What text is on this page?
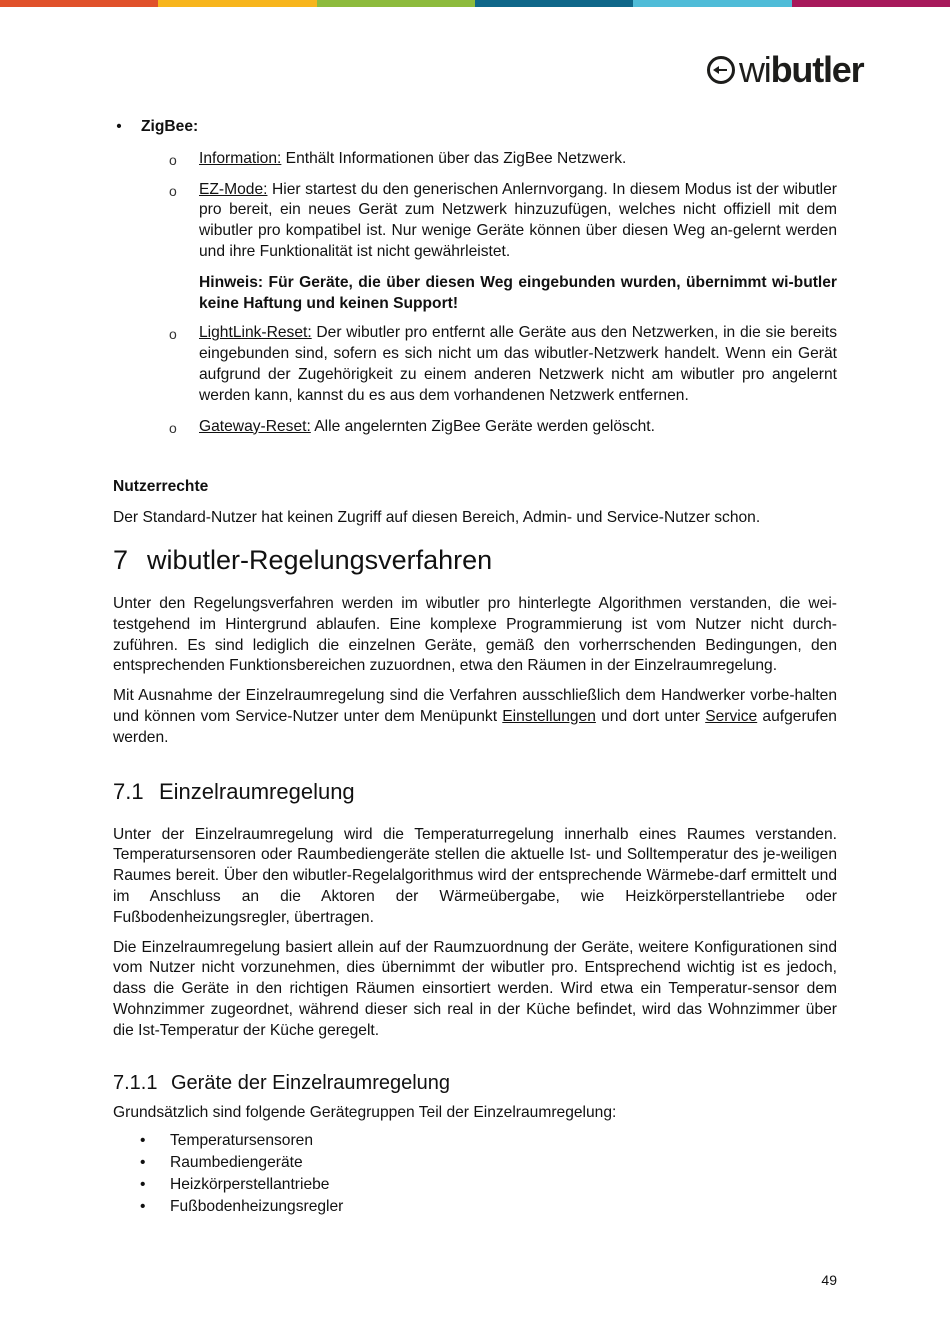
wibutler
• ZigBee:
o Information: Enthält Informationen über das ZigBee Netzwerk.

o EZ-Mode: Hier startest du den generischen Anlernvorgang. In diesem Modus ist der wibutler pro bereit, ein neues Gerät zum Netzwerk hinzuzufügen, welches nicht offiziell mit dem wibutler pro kompatibel ist. Nur wenige Geräte können über diesen Weg an-gelernt werden und ihre Funktionalität ist nicht gewährleistet.

Hinweis: Für Geräte, die über diesen Weg eingebunden wurden, übernimmt wi-butler keine Haftung und keinen Support!

o LightLink-Reset: Der wibutler pro entfernt alle Geräte aus den Netzwerken, in die sie bereits eingebunden sind, sofern es sich nicht um das wibutler-Netzwerk handelt. Wenn ein Gerät aufgrund der Zugehörigkeit zu einem anderen Netzwerk nicht am wibutler pro angelernt werden kann, kannst du es aus dem vorhandenen Netzwerk entfernen.

o Gateway-Reset: Alle angelernten ZigBee Geräte werden gelöscht.

Nutzerrechte

Der Standard-Nutzer hat keinen Zugriff auf diesen Bereich, Admin- und Service-Nutzer schon.

7 wibutler-Regelungsverfahren

Unter den Regelungsverfahren werden im wibutler pro hinterlegte Algorithmen verstanden, die wei-testgehend im Hintergrund ablaufen. Eine komplexe Programmierung ist vom Nutzer nicht durch-zuführen. Es sind lediglich die einzelnen Geräte, gemäß den vorherrschenden Bedingungen, den entsprechenden Funktionsbereichen zuzuordnen, etwa den Räumen in der Einzelraumregelung.

Mit Ausnahme der Einzelraumregelung sind die Verfahren ausschließlich dem Handwerker vorbe-halten und können vom Service-Nutzer unter dem Menüpunkt Einstellungen und dort unter Service aufgerufen werden.

7.1 Einzelraumregelung

Unter der Einzelraumregelung wird die Temperaturregelung innerhalb eines Raumes verstanden. Temperatursensoren oder Raumbediengeräte stellen die aktuelle Ist- und Solltemperatur des je-weiligen Raumes bereit. Über den wibutler-Regelalgorithmus wird der entsprechende Wärmebe-darf ermittelt und im Anschluss an die Aktoren der Wärmeübergabe, wie Heizkörperstellantriebe oder Fußbodenheizungsregler, übertragen.

Die Einzelraumregelung basiert allein auf der Raumzuordnung der Geräte, weitere Konfigurationen sind vom Nutzer nicht vorzunehmen, dies übernimmt der wibutler pro. Entsprechend wichtig ist es jedoch, dass die Geräte in den richtigen Räumen einsortiert werden. Wird etwa ein Temperatur-sensor dem Wohnzimmer zugeordnet, während dieser sich real in der Küche befindet, wird das Wohnzimmer über die Ist-Temperatur der Küche geregelt.

7.1.1 Geräte der Einzelraumregelung

Grundsätzlich sind folgende Gerätegruppen Teil der Einzelraumregelung:

• Temperatursensoren
• Raumbediengeräte
• Heizkörperstellantriebe
• Fußbodenheizungsregler
49
